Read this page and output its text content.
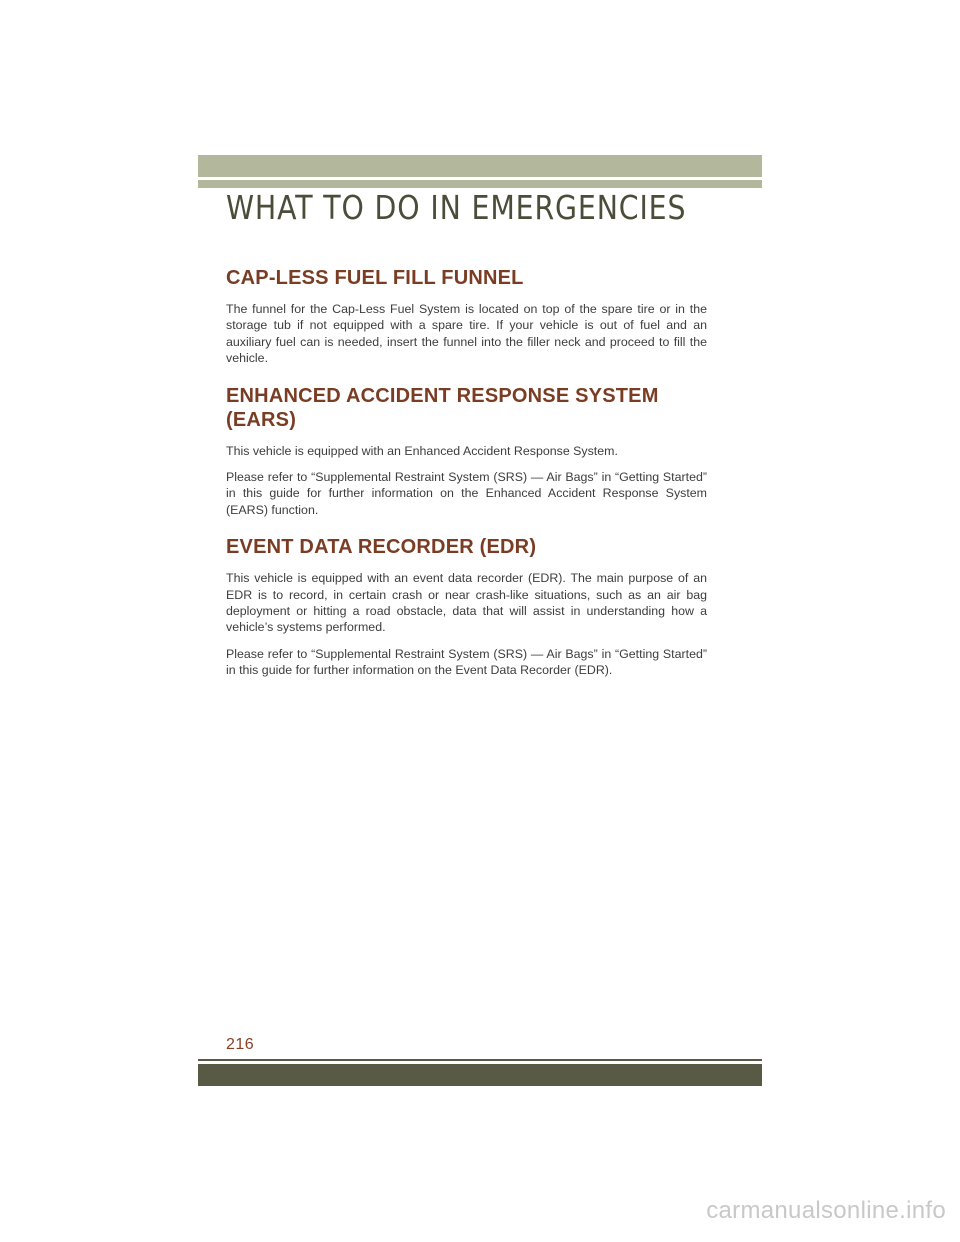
WHAT TO DO IN EMERGENCIES
CAP-LESS FUEL FILL FUNNEL

The funnel for the Cap-Less Fuel System is located on top of the spare tire or in the storage tub if not equipped with a spare tire. If your vehicle is out of fuel and an auxiliary fuel can is needed, insert the funnel into the filler neck and proceed to fill the vehicle.

ENHANCED ACCIDENT RESPONSE SYSTEM (EARS)

This vehicle is equipped with an Enhanced Accident Response System.

Please refer to “Supplemental Restraint System (SRS) — Air Bags” in “Getting Started” in this guide for further information on the Enhanced Accident Response System (EARS) function.

EVENT DATA RECORDER (EDR)

This vehicle is equipped with an event data recorder (EDR). The main purpose of an EDR is to record, in certain crash or near crash-like situations, such as an air bag deployment or hitting a road obstacle, data that will assist in understanding how a vehicle’s systems performed.

Please refer to “Supplemental Restraint System (SRS) — Air Bags” in “Getting Started” in this guide for further information on the Event Data Recorder (EDR).

216
carmanualsonline.info
